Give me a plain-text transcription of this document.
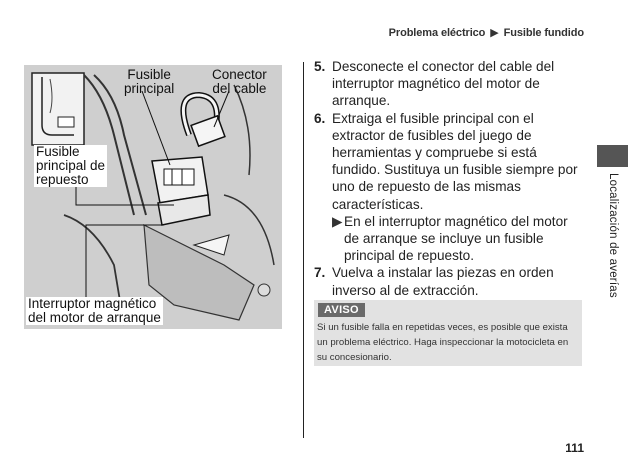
Problema eléctrico ▶ Fusible fundido
Fusible
principal
Conector
del cable
Fusible
principal de
repuesto
Interruptor magnético
del motor de arranque
5. Desconecte el conector del cable del interruptor magnético del motor de arranque.
6. Extraiga el fusible principal con el extractor de fusibles del juego de herramientas y compruebe si está fundido. Sustituya un fusible siempre por uno de repuesto de las mismas características.
▶ En el interruptor magnético del motor de arranque se incluye un fusible principal de repuesto.
7. Vuelva a instalar las piezas en orden inverso al de extracción.
AVISO
Si un fusible falla en repetidas veces, es posible que exista un problema eléctrico. Haga inspeccionar la motocicleta en su concesionario.
Localización de averías
111
